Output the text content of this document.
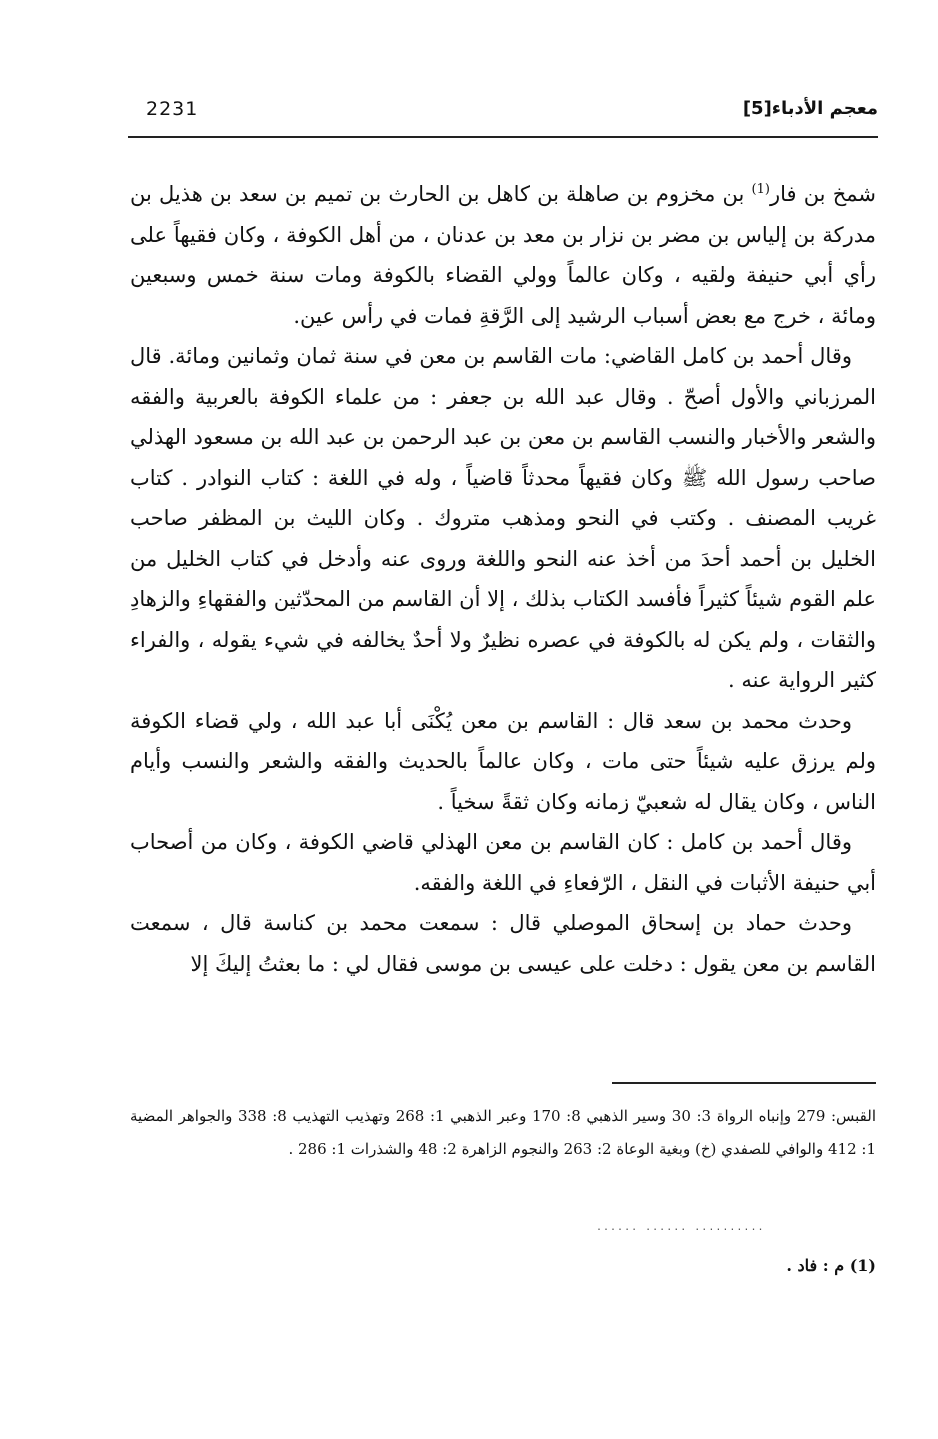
2231	معجم الأدباء[5]

شمخ بن فار$^{(1)}$ بن مخزوم بن صاهلة بن كاهل بن الحارث بن تميم بن سعد بن هذيل بن مدركة بن إلياس بن مضر بن نزار بن معد بن عدنان ، من أهل الكوفة ، وكان فقيهاً على رأي أبي حنيفة ولقيه ، وكان عالماً وولي القضاء بالكوفة ومات سنة خمس وسبعين ومائة ، خرج مع بعض أسباب الرشيد إلى الرَّقةِ فمات في رأس عين.

وقال أحمد بن كامل القاضي: مات القاسم بن معن في سنة ثمان وثمانين ومائة. قال المرزباني والأول أصحّ . وقال عبد الله بن جعفر : من علماء الكوفة بالعربية والفقه والشعر والأخبار والنسب القاسم بن معن بن عبد الرحمن بن عبد الله بن مسعود الهذلي صاحب رسول الله ﷺ وكان فقيهاً محدثاً قاضياً ، وله في اللغة : كتاب النوادر . كتاب غريب المصنف . وكتب في النحو ومذهب متروك . وكان الليث بن المظفر صاحب الخليل بن أحمد أحدَ من أخذ عنه النحو واللغة وروى عنه وأدخل في كتاب الخليل من علم القوم شيئاً كثيراً فأفسد الكتاب بذلك ، إلا أن القاسم من المحدّثين والفقهاءِ والزهادِ والثقات ، ولم يكن له بالكوفة في عصره نظيرٌ ولا أحدٌ يخالفه في شيء يقوله ، والفراء كثير الرواية عنه .

وحدث محمد بن سعد قال : القاسم بن معن يُكْنَى أبا عبد الله ، ولي قضاء الكوفة ولم يرزق عليه شيئاً حتى مات ، وكان عالماً بالحديث والفقه والشعر والنسب وأيام الناس ، وكان يقال له شعبيّ زمانه وكان ثقةً سخياً .

وقال أحمد بن كامل : كان القاسم بن معن الهذلي قاضي الكوفة ، وكان من أصحاب أبي حنيفة الأثبات في النقل ، الرّفعاءِ في اللغة والفقه.

وحدث حماد بن إسحاق الموصلي قال : سمعت محمد بن كناسة قال ، سمعت القاسم بن معن يقول : دخلت على عيسى بن موسى فقال لي : ما بعثتُ إليكَ إلا

القبس: 279 وإنباه الرواة 3: 30 وسير الذهبي 8: 170 وعبر الذهبي 1: 268 وتهذيب التهذيب 8: 338 والجواهر المضية 1: 412 والوافي للصفدي (خ) وبغية الوعاة 2: 263 والنجوم الزاهرة 2: 48 والشذرات 1: 286 .
...... ...... ..........
(1) م : فاد .
